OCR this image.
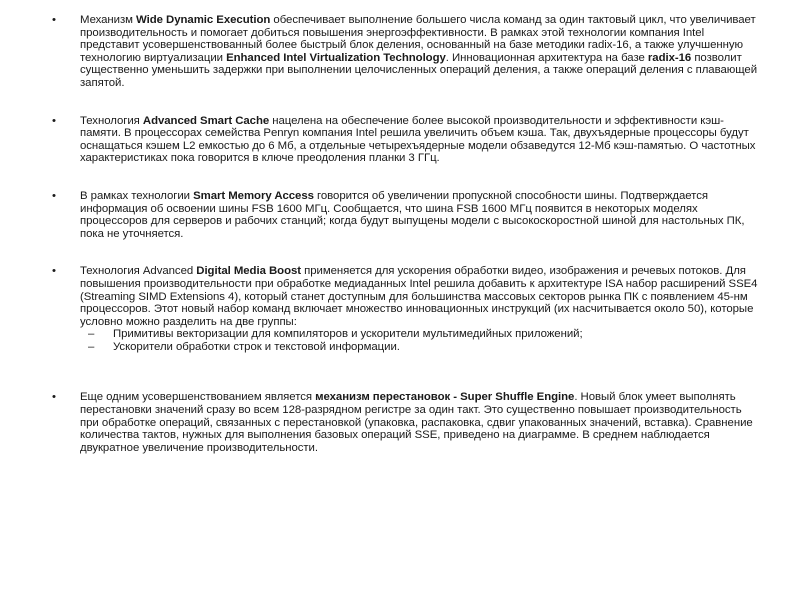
•	Механизм Wide Dynamic Execution обеспечивает выполнение большего числа команд за один тактовый цикл, что увеличивает производительность и помогает добиться повышения энергоэффективности. В рамках этой технологии компания Intel представит усовершенствованный более быстрый блок деления, основанный на базе методики radix-16, а также улучшенную технологию виртуализации Enhanced Intel Virtualization Technology. Инновационная архитектура на базе radix-16 позволит существенно уменьшить задержки при выполнении целочисленных операций деления, а также операций деления с плавающей запятой.
•	Технология Advanced Smart Cache нацелена на обеспечение более высокой производительности и эффективности кэш-памяти. В процессорах семейства Penryn компания Intel решила увеличить объем кэша. Так, двухъядерные процессоры будут оснащаться кэшем L2 емкостью до 6 Мб, а отдельные четырехъядерные модели обзаведутся 12-Мб кэш-памятью. О частотных характеристиках пока говорится в ключе преодоления планки 3 ГГц.
•	В рамках технологии Smart Memory Access говорится об увеличении пропускной способности шины. Подтверждается информация об освоении шины FSB 1600 МГц. Сообщается, что шина FSB 1600 МГц появится в некоторых моделях процессоров для серверов и рабочих станций; когда будут выпущены модели с высокоскоростной шиной для настольных ПК, пока не уточняется.
•	Технология Advanced Digital Media Boost применяется для ускорения обработки видео, изображения и речевых потоков. Для повышения производительности при обработке медиаданных Intel решила добавить к архитектуре ISA набор расширений SSE4 (Streaming SIMD Extensions 4), который станет доступным для большинства массовых секторов рынка ПК с появлением 45-нм процессоров. Этот новый набор команд включает множество инновационных инструкций (их насчитывается около 50), которые условно можно разделить на две группы:
– Примитивы векторизации для компиляторов и ускорители мультимедийных приложений;
– Ускорители обработки строк и текстовой информации.
•	Еще одним усовершенствованием является механизм перестановок - Super Shuffle Engine. Новый блок умеет выполнять перестановки значений сразу во всем 128-разрядном регистре за один такт. Это существенно повышает производительность при обработке операций, связанных с перестановкой (упаковка, распаковка, сдвиг упакованных значений, вставка). Сравнение количества тактов, нужных для выполнения базовых операций SSE, приведено на диаграмме. В среднем наблюдается двукратное увеличение производительности.
